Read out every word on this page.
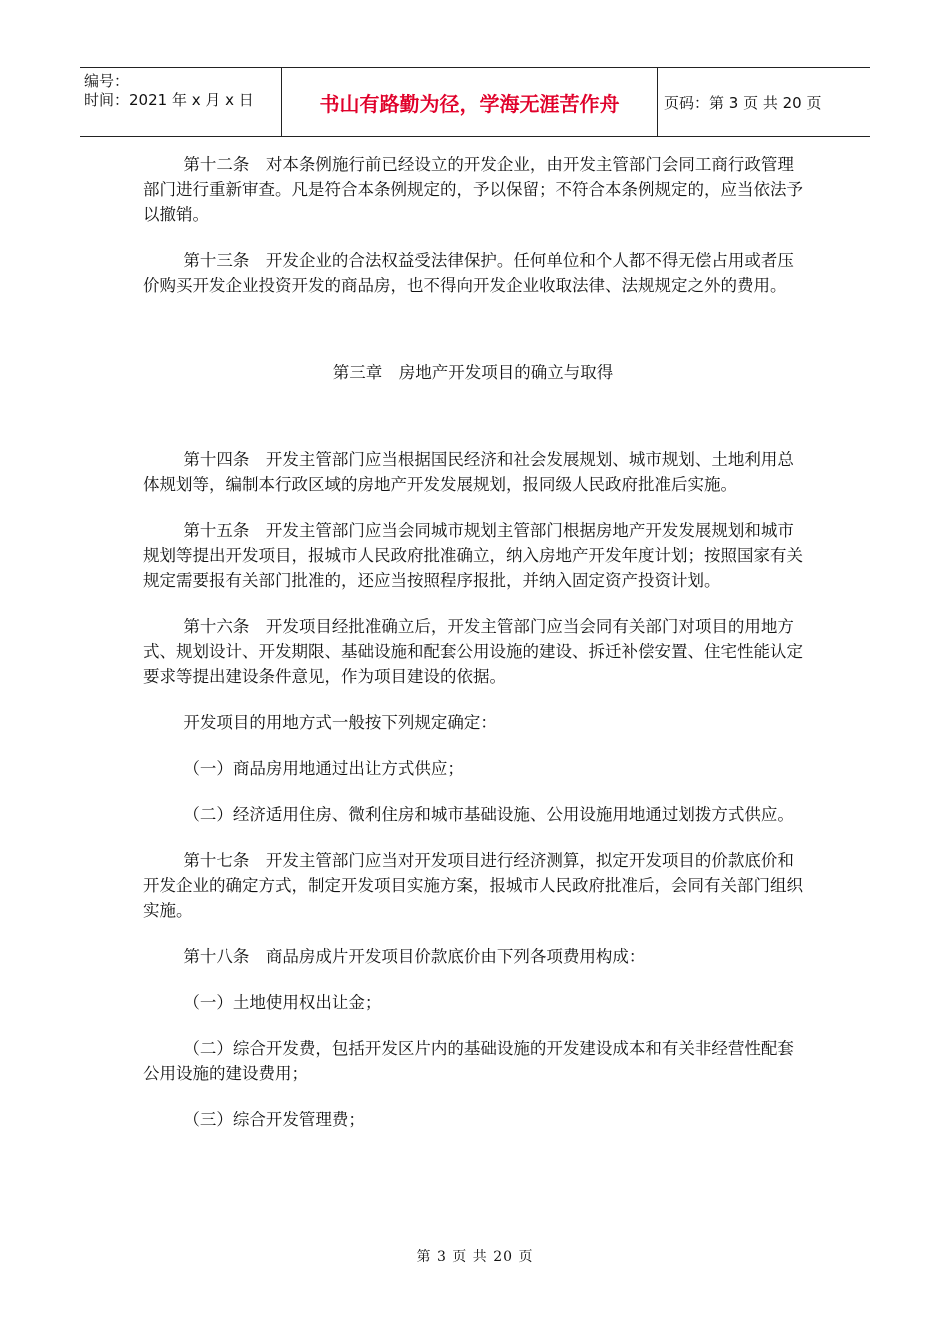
编号：
时间：2021 年 x 月 x 日	书山有路勤为径，学海无涯苦作舟	页码：第 3 页 共 20 页

第十二条　对本条例施行前已经设立的开发企业，由开发主管部门会同工商行政管理部门进行重新审查。凡是符合本条例规定的，予以保留；不符合本条例规定的，应当依法予以撤销。

第十三条　开发企业的合法权益受法律保护。任何单位和个人都不得无偿占用或者压价购买开发企业投资开发的商品房，也不得向开发企业收取法律、法规规定之外的费用。

第三章　房地产开发项目的确立与取得

第十四条　开发主管部门应当根据国民经济和社会发展规划、城市规划、土地利用总体规划等，编制本行政区域的房地产开发发展规划，报同级人民政府批准后实施。

第十五条　开发主管部门应当会同城市规划主管部门根据房地产开发发展规划和城市规划等提出开发项目，报城市人民政府批准确立，纳入房地产开发年度计划；按照国家有关规定需要报有关部门批准的，还应当按照程序报批，并纳入固定资产投资计划。

第十六条　开发项目经批准确立后，开发主管部门应当会同有关部门对项目的用地方式、规划设计、开发期限、基础设施和配套公用设施的建设、拆迁补偿安置、住宅性能认定要求等提出建设条件意见，作为项目建设的依据。

开发项目的用地方式一般按下列规定确定：

（一）商品房用地通过出让方式供应；

（二）经济适用住房、微利住房和城市基础设施、公用设施用地通过划拨方式供应。

第十七条　开发主管部门应当对开发项目进行经济测算，拟定开发项目的价款底价和开发企业的确定方式，制定开发项目实施方案，报城市人民政府批准后，会同有关部门组织实施。

第十八条　商品房成片开发项目价款底价由下列各项费用构成：

（一）土地使用权出让金；

（二）综合开发费，包括开发区片内的基础设施的开发建设成本和有关非经营性配套公用设施的建设费用；

（三）综合开发管理费；

第 3 页 共 20 页
